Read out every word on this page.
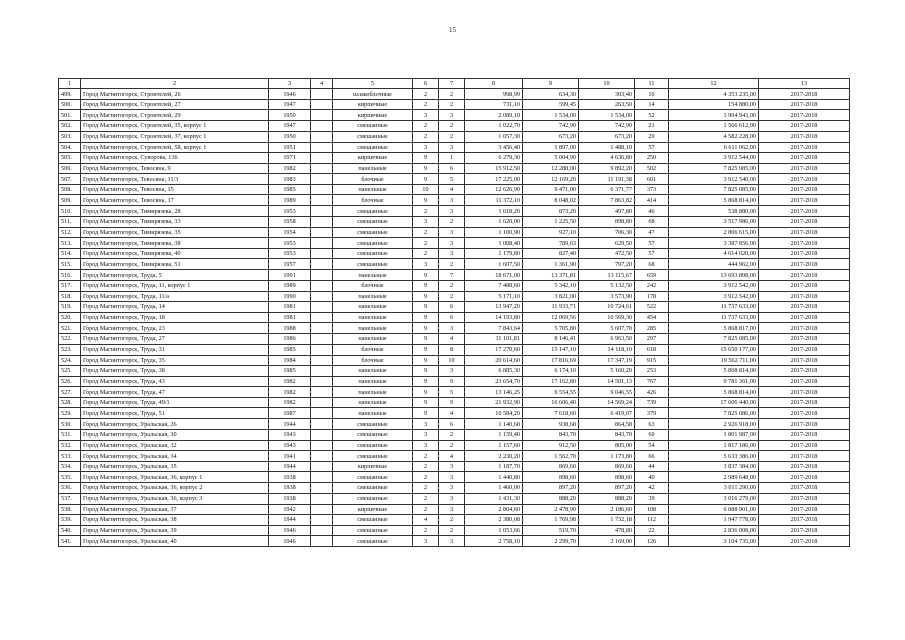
15
1	2	3	4	5	6	7	8	9	10	11	12	13
499.	Город Магнитогорск, Строителей, 26	1946		шлакоблочные	2	2	998,99	634,30	303,40	10	4 353 235,00	2017-2018
500.	Город Магнитогорск, Строителей, 27	1947		кирпичные	2	2	731,10	599,45	263,50	14	154 880,00	2017-2018
501.	Город Магнитогорск, Строителей, 29	1950		кирпичные	3	3	2 089,10	1 534,00	1 534,00	52	1 904 943,00	2017-2018
502.	Город Магнитогорск, Строителей, 35, корпус 1	1947		смешанные	2	2	1 022,70	742,90	742,90	21	1 566 612,00	2017-2018
503.	Город Магнитогорск, Строителей, 37, корпус 1	1950		смешанные	2	2	1 057,30	673,20	673,20	29	4 582 228,00	2017-2018
504.	Город Магнитогорск, Строителей, 58, корпус 1	1951		смешанные	3	3	3 456,40	1 897,00	1 488,10	57	6 611 062,00	2017-2018
505.	Город Магнитогорск, Суворова, 136	1971		кирпичные	9	1	6 279,30	5 004,90	4 636,80	250	3 912 544,00	2017-2018
506.	Город Магнитогорск, Тевосяна, 9	1982		панельные	9	6	15 912,50	12 288,00	9 892,20	502	7 825 085,00	2017-2018
507.	Город Магнитогорск, Тевосяна, 11/3	1983		блочные	9	5	17 225,00	12 169,20	11 191,38	601	3 912 540,00	2017-2018
508.	Город Магнитогорск, Тевосяна, 15	1985		панельные	10	4	12 626,90	9 471,00	6 371,77	373	7 825 085,00	2017-2018
509.	Город Магнитогорск, Тевосяна, 17	1989		блочные	9	3	11 372,10	8 048,02	7 863,82	414	5 868 814,00	2017-2018
510.	Город Магнитогорск, Тимирязева, 28	1953		смешанные	2	3	1 018,20	873,20	497,80	46	538 880,00	2017-2018
511.	Город Магнитогорск, Тимирязева, 33	1958		смешанные	3	2	1 620,00	1 225,50	898,80	68	3 517 986,00	2017-2018
512.	Город Магнитогорск, Тимирязева, 35	1954		смешанные	2	3	1 100,90	927,10	706,30	47	2 806 615,00	2017-2018
513.	Город Магнитогорск, Тимирязева, 38	1953		смешанные	2	3	1 008,40	789,63	629,50	57	3 387 856,00	2017-2018
514.	Город Магнитогорск, Тимирязева, 40	1953		смешанные	2	3	1 179,80	827,40	472,50	57	4 614 020,00	2017-2018
515.	Город Магнитогорск, Тимирязева, 51	1957		смешанные	3	2	1 607,50	1 361,90	797,20	68	444 962,00	2017-2018
516.	Город Магнитогорск, Труда, 5	1991		панельные	9	7	18 671,00	13 371,81	13 115,67	659	13 693 898,00	2017-2018
517.	Город Магнитогорск, Труда, 11, корпус 1	1989		блочные	9	2	7 488,60	5 342,10	5 132,50	242	3 912 542,00	2017-2018
518.	Город Магнитогорск, Труда, 11/а	1990		панельные	9	2	5 171,10	3 821,00	3 573,90	178	3 912 542,00	2017-2018
519.	Город Магнитогорск, Труда, 14	1981		панельные	9	6	13 947,20	11 933,71	10 724,61	522	11 737 633,00	2017-2018
520.	Город Магнитогорск, Труда, 18	1981		панельные	9	6	14 193,80	12 069,56	10 569,30	454	11 737 633,00	2017-2018
521.	Город Магнитогорск, Труда, 23	1988		панельные	9	3	7 843,64	5 705,80	5 607,70	285	5 868 817,00	2017-2018
522.	Город Магнитогорск, Труда, 27	1986		панельные	9	4	11 101,81	8 146,41	6 963,50	297	7 825 085,00	2017-2018
523.	Город Магнитогорск, Труда, 31	1985		блочные	9	8	17 270,60	15 147,10	14 118,10	618	15 650 177,00	2017-2018
524.	Город Магнитогорск, Труда, 35	1984		блочные	9	10	20 614,60	17 816,69	17 347,19	915	19 562 711,00	2017-2018
525.	Город Магнитогорск, Труда, 38	1985		панельные	9	3	6 885,30	6 174,10	5 160,20	253	5 868 814,00	2017-2018
526.	Город Магнитогорск, Труда, 43	1982		панельные	9	9	23 654,70	17 162,80	14 501,13	767	9 781 361,00	2017-2018
527.	Город Магнитогорск, Труда, 47	1982		панельные	9	5	13 146,25	9 554,55	9 046,55	426	5 868 814,00	2017-2018
528.	Город Магнитогорск, Труда, 49/1	1982		панельные	9	9	21 932,90	16 606,40	14 569,24	739	17 606 440,00	2017-2018
529.	Город Магнитогорск, Труда, 51	1987		панельные	9	4	10 584,20	7 618,60	6 419,07	379	7 825 086,00	2017-2018
530.	Город Магнитогорск, Уральская, 26	1944		смешанные	3	6	1 140,68	938,68	864,58	63	2 926 918,00	2017-2018
531.	Город Магнитогорск, Уральская, 30	1943		смешанные	3	2	1 159,40	843,70	843,70	60	1 801 987,00	2017-2018
532.	Город Магнитогорск, Уральская, 32	1943		смешанные	3	2	1 157,60	912,50	805,00	54	1 817 186,00	2017-2018
533.	Город Магнитогорск, Уральская, 34	1941		смешанные	2	4	2 230,20	1 562,70	1 173,80	66	5 633 386,00	2017-2018
534.	Город Магнитогорск, Уральская, 35	1944		кирпичные	2	3	1 187,70	869,60	869,60	44	3 837 384,00	2017-2018
535.	Город Магнитогорск, Уральская, 36, корпус 1	1938		смешанные	2	3	1 440,80	898,60	898,60	40	2 989 648,00	2017-2018
536.	Город Магнитогорск, Уральская, 36, корпус 2	1938		смешанные	2	3	1 460,00	897,20	897,20	42	3 011 290,00	2017-2018
537.	Город Магнитогорск, Уральская, 36, корпус 3	1938		смешанные	2	3	1 431,30	888,20	888,20	39	3 016 279,00	2017-2018
538.	Город Магнитогорск, Уральская, 37	1942		кирпичные	2	3	2 804,60	2 478,90	2 186,60	108	6 088 901,00	2017-2018
539.	Город Магнитогорск, Уральская, 38	1944		смешанные	4	2	2 380,08	1 769,98	1 732,18	112	1 947 778,00	2017-2018
540.	Город Магнитогорск, Уральская, 39	1946		смешанные	2	2	1 053,66	519,70	478,80	22	2 836 008,00	2017-2018
541.	Город Магнитогорск, Уральская, 40	1946		смешанные	3	3	2 758,10	2 299,70	2 169,00	126	3 104 735,00	2017-2018
